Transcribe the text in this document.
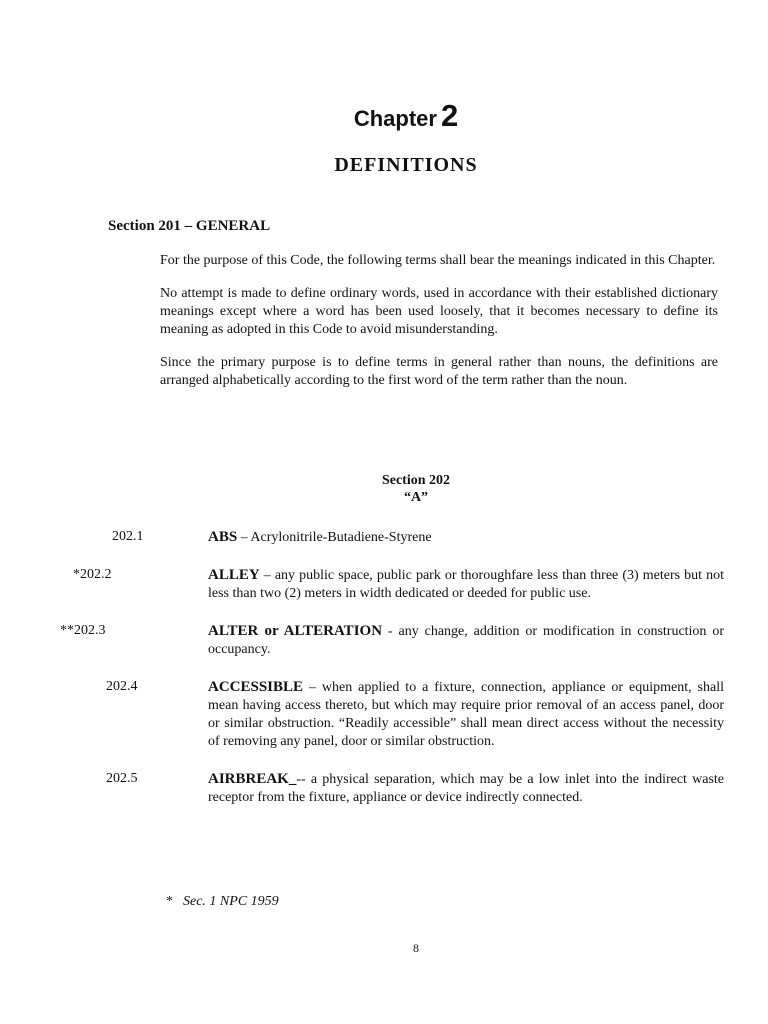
Chapter 2
DEFINITIONS
Section 201 – GENERAL

For the purpose of this Code, the following terms shall bear the meanings indicated in this Chapter.

No attempt is made to define ordinary words, used in accordance with their established dictionary meanings except where a word has been used loosely, that it becomes necessary to define its meaning as adopted in this Code to avoid misunderstanding.

Since the primary purpose is to define terms in general rather than nouns, the definitions are arranged alphabetically according to the first word of the term rather than the noun.

Section 202
“A”
202.1	ABS – Acrylonitrile-Butadiene-Styrene
*202.2	ALLEY – any public space, public park or thoroughfare less than three (3) meters but not less than two (2) meters in width dedicated or deeded for public use.
**202.3	ALTER or ALTERATION - any change, addition or modification in construction or occupancy.
202.4	ACCESSIBLE – when applied to a fixture, connection, appliance or equipment, shall mean having access thereto, but which may require prior removal of an access panel, door or similar obstruction. “Readily accessible” shall mean direct access without the necessity of removing any panel, door or similar obstruction.
202.5	AIRBREAK_-- a physical separation, which may be a low inlet into the indirect waste receptor from the fixture, appliance or device indirectly connected.
* Sec. 1 NPC 1959
8
